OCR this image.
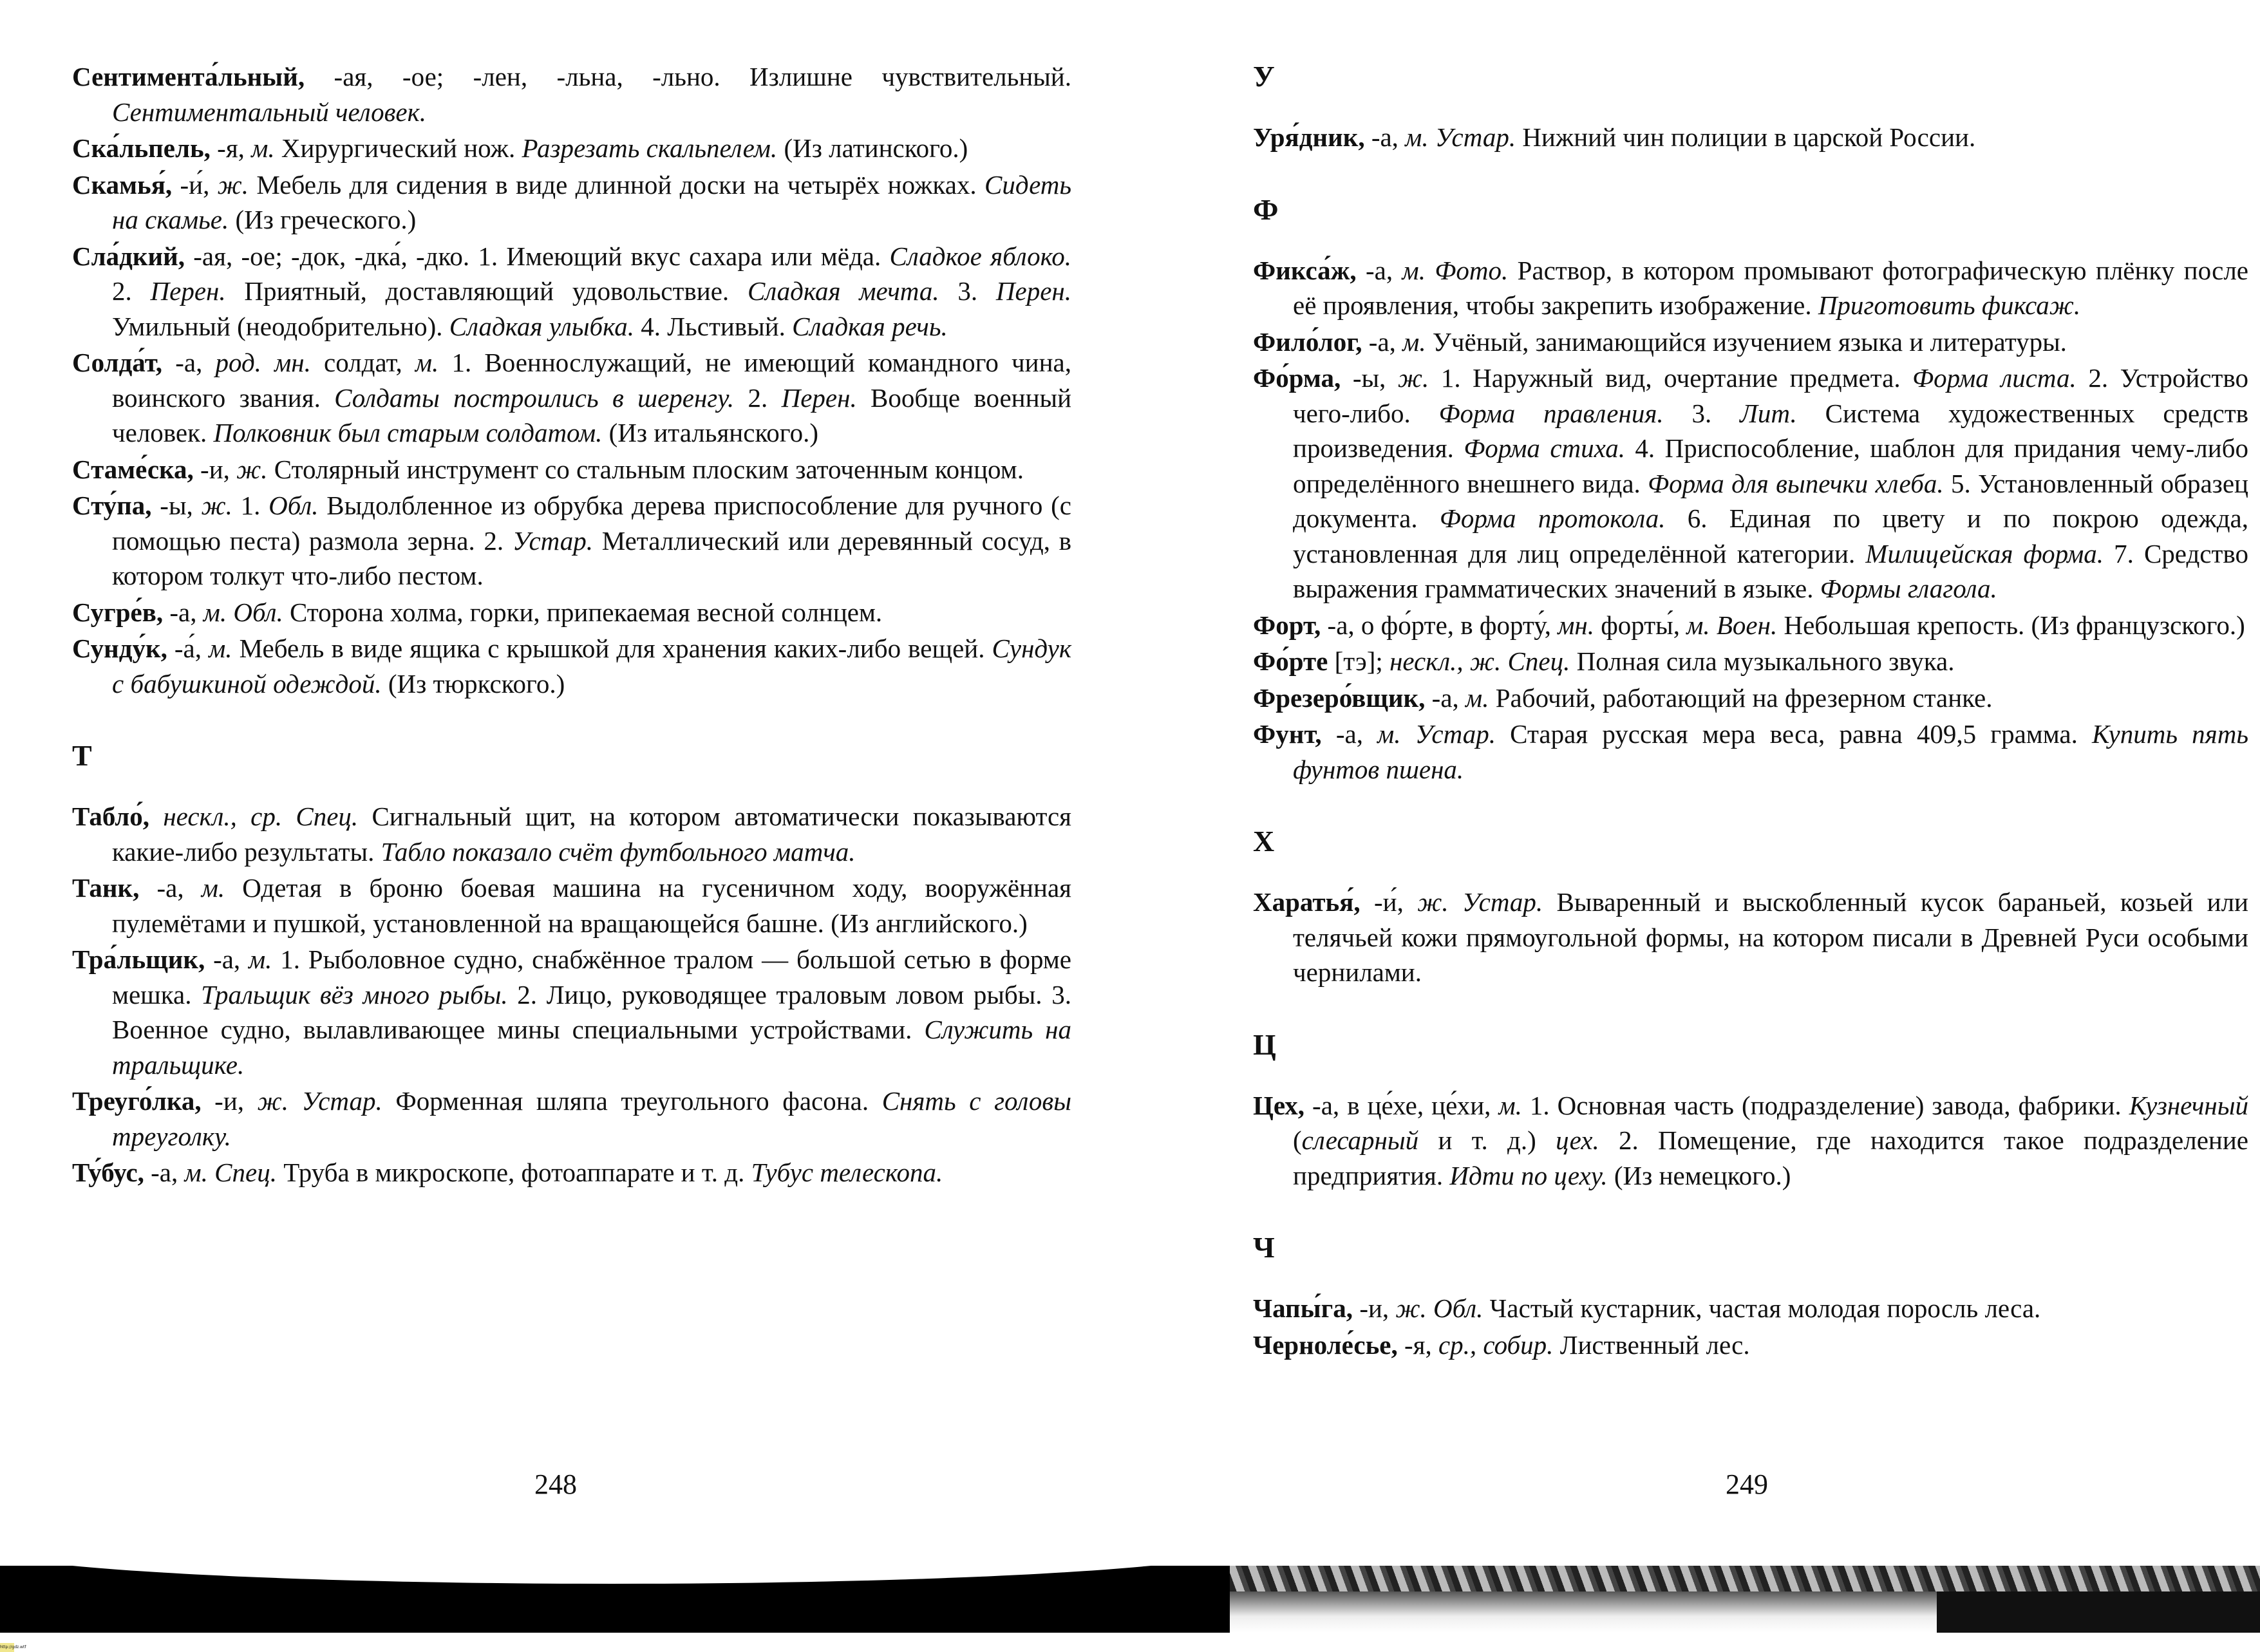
Сентимента́льный, -ая, -ое; -лен, -льна, -льно. Излишне чувствительный. Сентиментальный человек.

Ска́льпель, -я, м. Хирургический нож. Разрезать скальпелем. (Из латинского.)

Скамья́, -и́, ж. Мебель для сидения в виде длинной доски на четырёх ножках. Сидеть на скамье. (Из греческого.)

Сла́дкий, -ая, -ое; -док, -дка́, -дко. 1. Имеющий вкус сахара или мёда. Сладкое яблоко. 2. Перен. Приятный, доставляющий удовольствие. Сладкая мечта. 3. Перен. Умильный (неодобрительно). Сладкая улыбка. 4. Льстивый. Сладкая речь.

Солда́т, -а, род. мн. солдат, м. 1. Военнослужащий, не имеющий командного чина, воинского звания. Солдаты построились в шеренгу. 2. Перен. Вообще военный человек. Полковник был старым солдатом. (Из итальянского.)

Стаме́ска, -и, ж. Столярный инструмент со стальным плоским заточенным концом.

Сту́па, -ы, ж. 1. Обл. Выдолбленное из обрубка дерева приспособление для ручного (с помощью песта) размола зерна. 2. Устар. Металлический или деревянный сосуд, в котором толкут что-либо пестом.

Сугре́в, -а, м. Обл. Сторона холма, горки, припекаемая весной солнцем.

Сунду́к, -а́, м. Мебель в виде ящика с крышкой для хранения каких-либо вещей. Сундук с бабушкиной одеждой. (Из тюркского.)

Т

Табло́, нескл., ср. Спец. Сигнальный щит, на котором автоматически показываются какие-либо результаты. Табло показало счёт футбольного матча.

Танк, -а, м. Одетая в броню боевая машина на гусеничном ходу, вооружённая пулемётами и пушкой, установленной на вращающейся башне. (Из английского.)

Тра́льщик, -а, м. 1. Рыболовное судно, снабжённое тралом — большой сетью в форме мешка. Тральщик вёз много рыбы. 2. Лицо, руководящее траловым ловом рыбы. 3. Военное судно, вылавливающее мины специальными устройствами. Служить на тральщике.

Треуго́лка, -и, ж. Устар. Форменная шляпа треугольного фасона. Снять с головы треуголку.

Ту́бус, -а, м. Спец. Труба в микроскопе, фотоаппарате и т. д. Тубус телескопа.

У

Уря́дник, -а, м. Устар. Нижний чин полиции в царской России.

Ф

Фикса́ж, -а, м. Фото. Раствор, в котором промывают фотографическую плёнку после её проявления, чтобы закрепить изображение. Приготовить фиксаж.

Фило́лог, -а, м. Учёный, занимающийся изучением языка и литературы.

Фо́рма, -ы, ж. 1. Наружный вид, очертание предмета. Форма листа. 2. Устройство чего-либо. Форма правления. 3. Лит. Система художественных средств произведения. Форма стиха. 4. Приспособление, шаблон для придания чему-либо определённого внешнего вида. Форма для выпечки хлеба. 5. Установленный образец документа. Форма протокола. 6. Единая по цвету и по покрою одежда, установленная для лиц определённой категории. Милицейская форма. 7. Средство выражения грамматических значений в языке. Формы глагола.

Форт, -а, о фо́рте, в форту́, мн. форты́, м. Воен. Небольшая крепость. (Из французского.)

Фо́рте [тэ]; нескл., ж. Спец. Полная сила музыкального звука.

Фрезеро́вщик, -а, м. Рабочий, работающий на фрезерном станке.

Фунт, -а, м. Устар. Старая русская мера веса, равна 409,5 грамма. Купить пять фунтов пшена.

Х

Харатья́, -и́, ж. Устар. Вываренный и выскобленный кусок бараньей, козьей или телячьей кожи прямоугольной формы, на котором писали в Древней Руси особыми чернилами.

Ц

Цех, -а, в це́хе, це́хи, м. 1. Основная часть (подразделение) завода, фабрики. Кузнечный (слесарный и т. д.) цех. 2. Помещение, где находится такое подразделение предприятия. Идти по цеху. (Из немецкого.)

Ч

Чапы́га, -и, ж. Обл. Частый кустарник, частая молодая поросль леса.

Черноле́сье, -я, ср., собир. Лиственный лес.

248	249
http://gdz.wtf
